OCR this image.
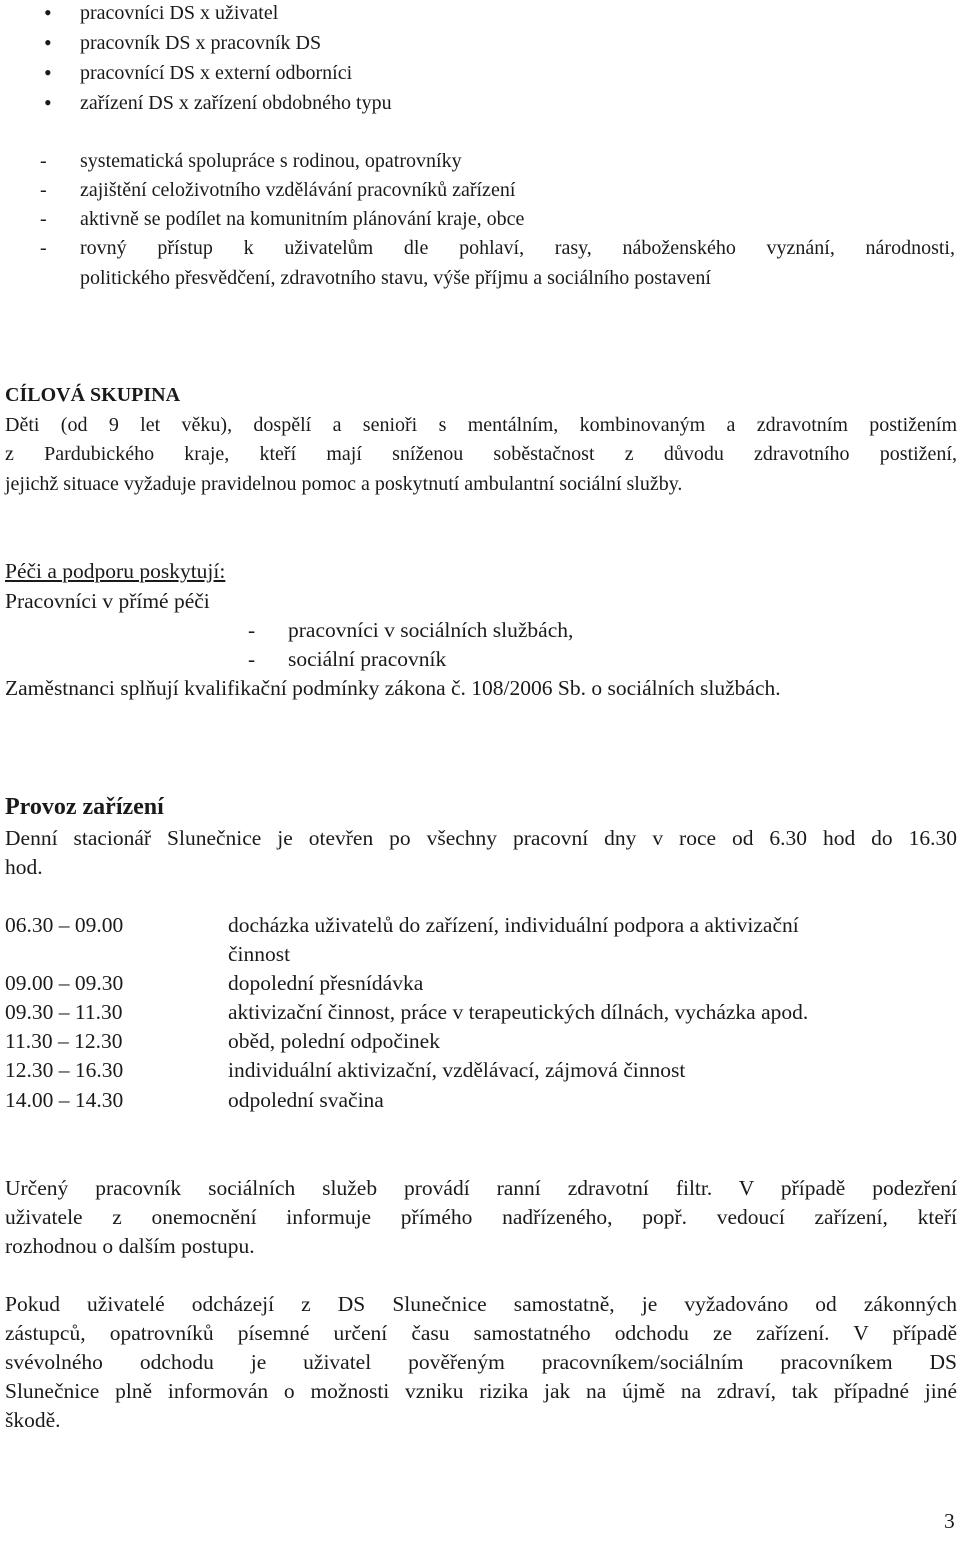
• pracovníci DS x uživatel
• pracovník DS x pracovník DS
• pracovnící DS x externí odborníci
• zařízení DS x zařízení obdobného typu
- systematická spolupráce s rodinou, opatrovníky
- zajištění celoživotního vzdělávání pracovníků zařízení
- aktivně se podílet na komunitním plánování kraje, obce
- rovný přístup k uživatelům dle pohlaví, rasy, náboženského vyznání, národnosti,
politického přesvědčení, zdravotního stavu, výše příjmu a sociálního postavení
CÍLOVÁ SKUPINA
Děti (od 9 let věku), dospělí a senioři s mentálním, kombinovaným a zdravotním postižením
z Pardubického kraje, kteří mají sníženou soběstačnost z důvodu zdravotního postižení,
jejichž situace vyžaduje pravidelnou pomoc a poskytnutí ambulantní sociální služby.
Péči a podporu poskytují:
Pracovníci v přímé péči
- pracovníci v sociálních službách,
- sociální pracovník
Zaměstnanci splňují kvalifikační podmínky zákona č. 108/2006 Sb. o sociálních službách.
Provoz zařízení
Denní stacionář Slunečnice je otevřen po všechny pracovní dny v roce od 6.30 hod do 16.30
hod.
06.30 – 09.00	docházka uživatelů do zařízení, individuální podpora a aktivizační
činnost
09.00 – 09.30	dopolední přesnídávka
09.30 – 11.30	aktivizační činnost, práce v terapeutických dílnách, vycházka apod.
11.30 – 12.30	oběd, polední odpočinek
12.30 – 16.30	individuální aktivizační, vzdělávací, zájmová činnost
14.00 – 14.30	odpolední svačina
Určený pracovník sociálních služeb provádí ranní zdravotní filtr. V případě podezření
uživatele z onemocnění informuje přímého nadřízeného, popř. vedoucí zařízení, kteří
rozhodnou o dalším postupu.
Pokud uživatelé odcházejí z DS Slunečnice samostatně, je vyžadováno od zákonných
zástupců, opatrovníků písemné určení času samostatného odchodu ze zařízení. V případě
svévolného odchodu je uživatel pověřeným pracovníkem/sociálním pracovníkem DS
Slunečnice plně informován o možnosti vzniku rizika jak na újmě na zdraví, tak případné jiné
škodě.
3
